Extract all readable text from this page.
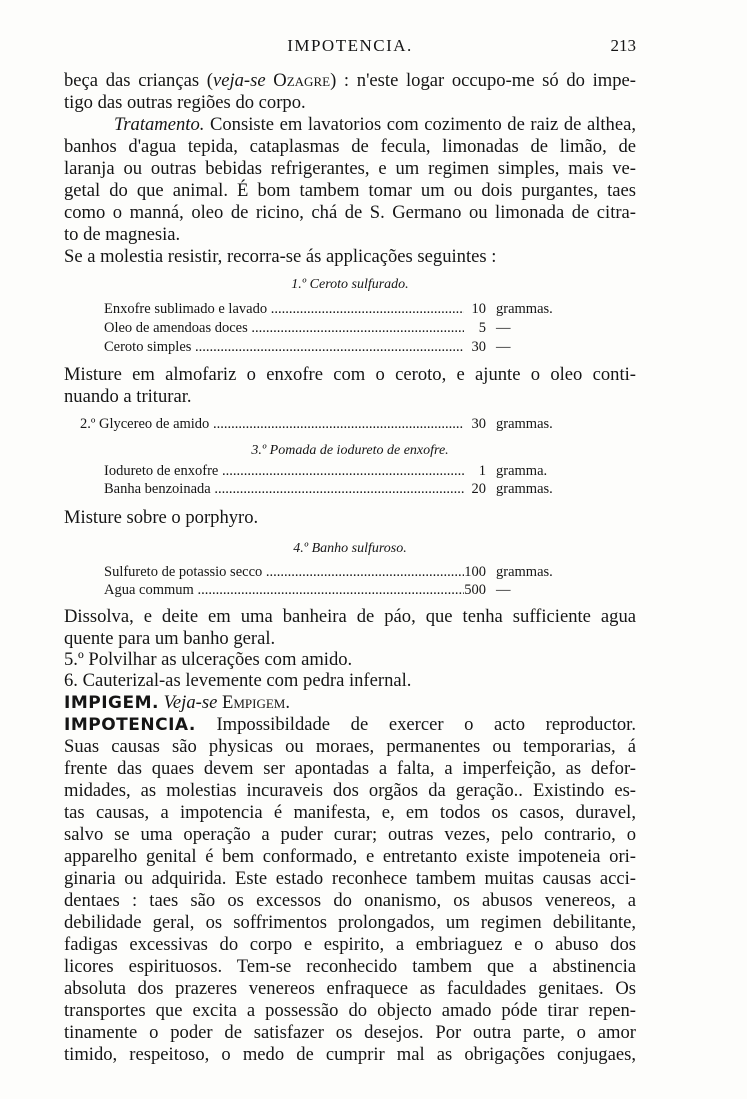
IMPOTENCIA.	213

beça das crianças (veja-se Ozagre) : n'este logar occupo-me só do impe-

tigo das outras regiões do corpo.

Tratamento. Consiste em lavatorios com cozimento de raiz de althea,

banhos d'agua tepida, cataplasmas de fecula, limonadas de limão, de

laranja ou outras bebidas refrigerantes, e um regimen simples, mais ve-

getal do que animal. É bom tambem tomar um ou dois purgantes, taes

como o manná, oleo de ricino, chá de S. Germano ou limonada de citra-

to de magnesia.

Se a molestia resistir, recorra-se ás applicações seguintes :

1.º Ceroto sulfurado.
Enxofre sublimado e lavado .....	10 grammas.
Oleo de amendoas doces .....	5 —
Ceroto simples .....	30 —

Misture em almofariz o enxofre com o ceroto, e ajunte o oleo conti-

nuando a triturar.

2.º Glycereo de amido .....	30 grammas.
3.º Pomada de iodureto de enxofre.
Iodureto de enxofre .....	1 gramma.
Banha benzoinada .....	20 grammas.

Misture sobre o porphyro.

4.º Banho sulfuroso.
Sulfureto de potassio secco .....	100 grammas.
Agua commum .....	500 —

Dissolva, e deite em uma banheira de páo, que tenha sufficiente agua

quente para um banho geral.

5.º Polvilhar as ulcerações com amido.

6. Cauterizal-as levemente com pedra infernal.

IMPIGEM. Veja-se Empigem.

IMPOTENCIA. Impossibildade de exercer o acto reproductor.

Suas causas são physicas ou moraes, permanentes ou temporarias, á

frente das quaes devem ser apontadas a falta, a imperfeição, as defor-

midades, as molestias incuraveis dos orgãos da geração.. Existindo es-

tas causas, a impotencia é manifesta, e, em todos os casos, duravel,

salvo se uma operação a puder curar; outras vezes, pelo contrario, o

apparelho genital é bem conformado, e entretanto existe impoteneia ori-

ginaria ou adquirida. Este estado reconhece tambem muitas causas acci-

dentaes : taes são os excessos do onanismo, os abusos venereos, a

debilidade geral, os soffrimentos prolongados, um regimen debilitante,

fadigas excessivas do corpo e espirito, a embriaguez e o abuso dos

licores espirituosos. Tem-se reconhecido tambem que a abstinencia

absoluta dos prazeres venereos enfraquece as faculdades genitaes. Os

transportes que excita a possessão do objecto amado póde tirar repen-

tinamente o poder de satisfazer os desejos. Por outra parte, o amor

timido, respeitoso, o medo de cumprir mal as obrigações conjugaes,
